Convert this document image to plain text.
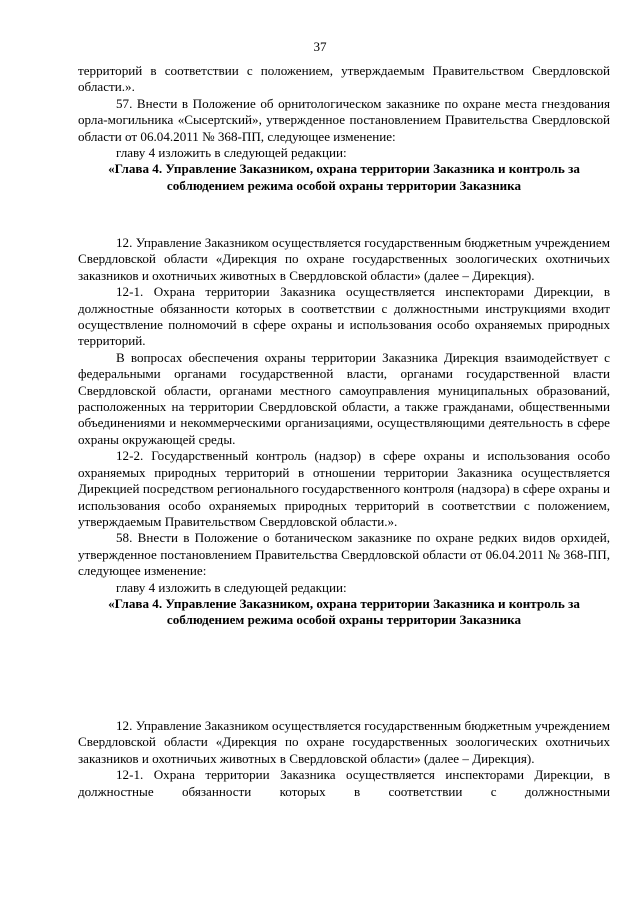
37

территорий в соответствии с положением, утверждаемым Правительством Свердловской области.».

57. Внести в Положение об орнитологическом заказнике по охране места гнездования орла-могильника «Сысертский», утвержденное постановлением Правительства Свердловской области от 06.04.2011 № 368-ПП, следующее изменение:

главу 4 изложить в следующей редакции:

«Глава 4. Управление Заказником, охрана территории Заказника и контроль за соблюдением режима особой охраны территории Заказника

12. Управление Заказником осуществляется государственным бюджетным учреждением Свердловской области «Дирекция по охране государственных зоологических охотничьих заказников и охотничьих животных в Свердловской области» (далее – Дирекция).

12-1. Охрана территории Заказника осуществляется инспекторами Дирекции, в должностные обязанности которых в соответствии с должностными инструкциями входит осуществление полномочий в сфере охраны и использования особо охраняемых природных территорий.

В вопросах обеспечения охраны территории Заказника Дирекция взаимодействует с федеральными органами государственной власти, органами государственной власти Свердловской области, органами местного самоуправления муниципальных образований, расположенных на территории Свердловской области, а также гражданами, общественными объединениями и некоммерческими организациями, осуществляющими деятельность в сфере охраны окружающей среды.

12-2. Государственный контроль (надзор) в сфере охраны и использования особо охраняемых природных территорий в отношении территории Заказника осуществляется Дирекцией посредством регионального государственного контроля (надзора) в сфере охраны и использования особо охраняемых природных территорий в соответствии с положением, утверждаемым Правительством Свердловской области.».

58. Внести в Положение о ботаническом заказнике по охране редких видов орхидей, утвержденное постановлением Правительства Свердловской области от 06.04.2011 № 368-ПП, следующее изменение:

главу 4 изложить в следующей редакции:

«Глава 4. Управление Заказником, охрана территории Заказника и контроль за соблюдением режима особой охраны территории Заказника

12. Управление Заказником осуществляется государственным бюджетным учреждением Свердловской области «Дирекция по охране государственных зоологических охотничьих заказников и охотничьих животных в Свердловской области» (далее – Дирекция).

12-1. Охрана территории Заказника осуществляется инспекторами Дирекции, в должностные обязанности которых в соответствии с должностными
